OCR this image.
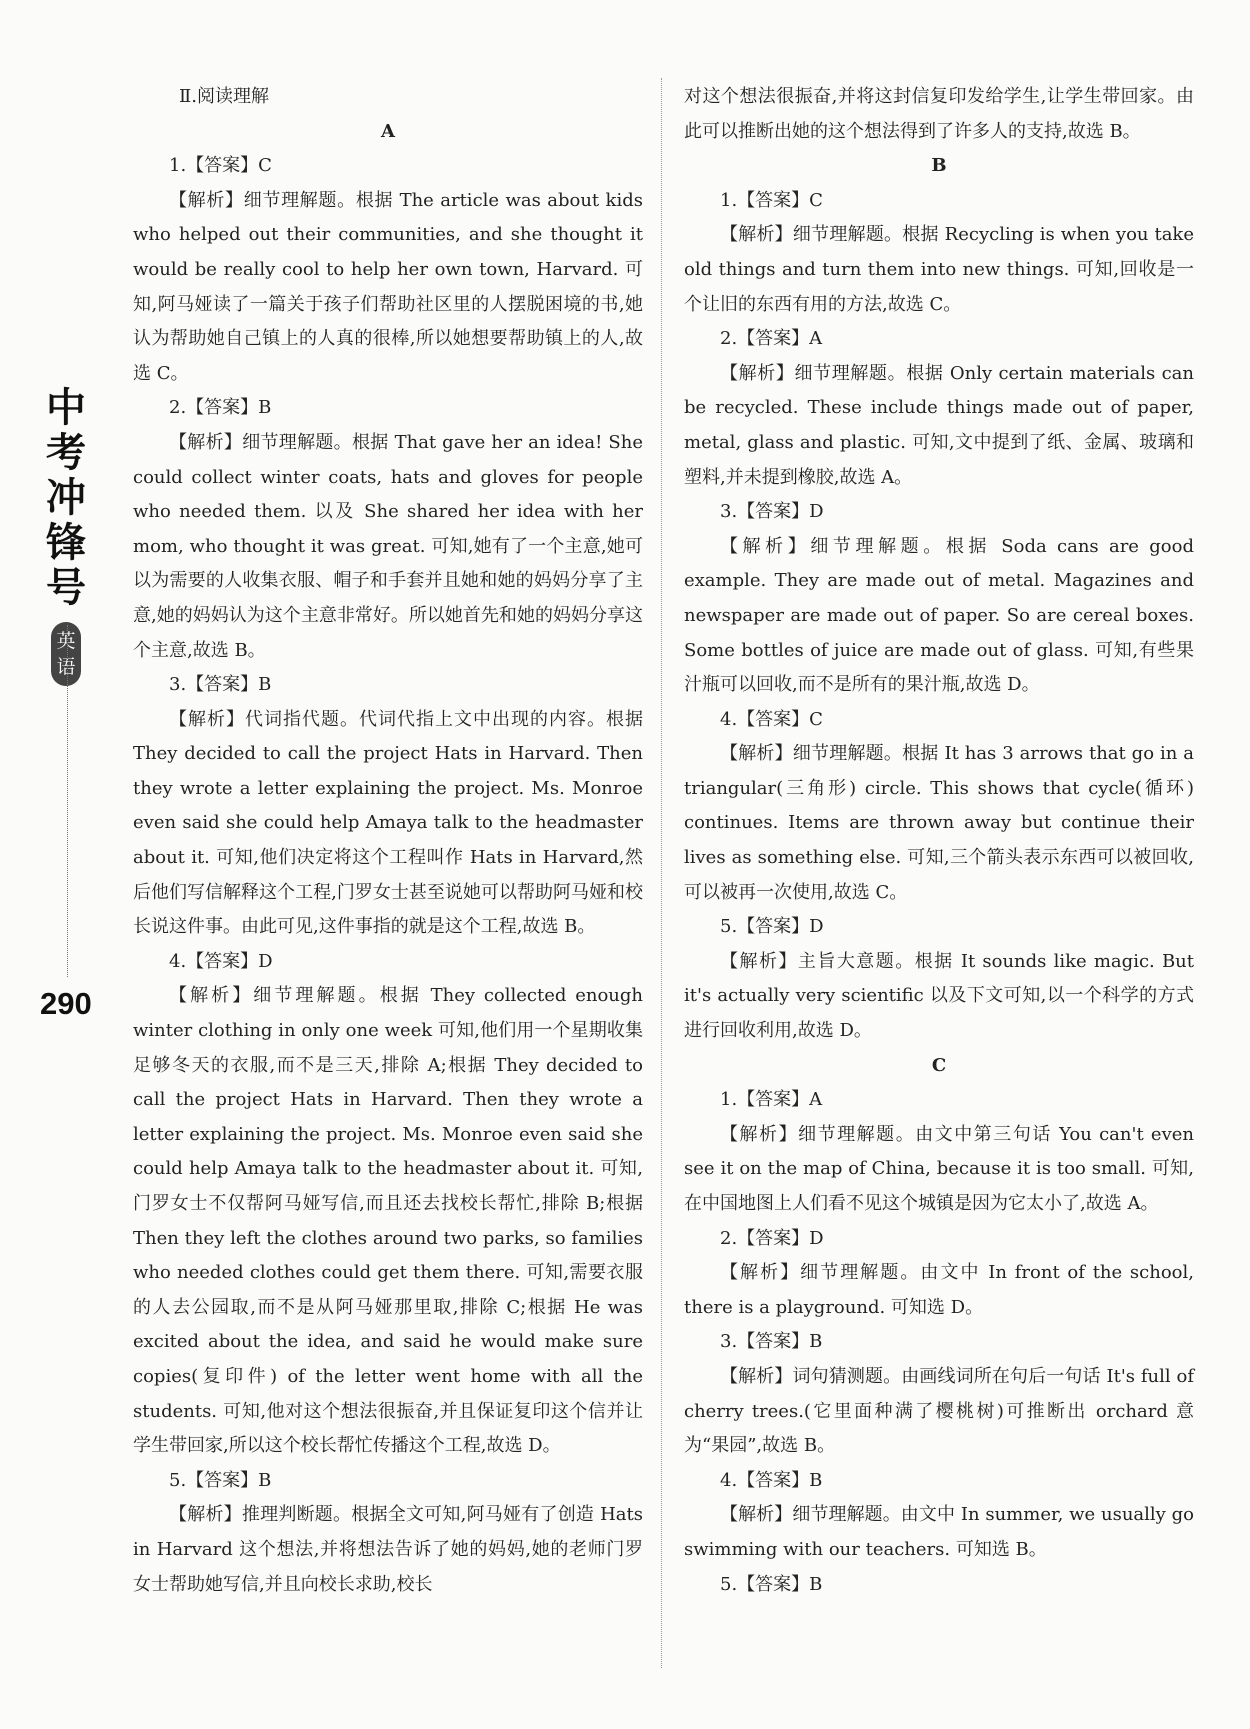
中
考
冲
锋
号
英
语
290

Ⅱ.阅读理解

A

1.【答案】C

【解析】细节理解题。根据 The article was about kids who helped out their communities, and she thought it would be really cool to help her own town, Harvard. 可知,阿马娅读了一篇关于孩子们帮助社区里的人摆脱困境的书,她认为帮助她自己镇上的人真的很棒,所以她想要帮助镇上的人,故选 C。

2.【答案】B

【解析】细节理解题。根据 That gave her an idea! She could collect winter coats, hats and gloves for people who needed them. 以及 She shared her idea with her mom, who thought it was great. 可知,她有了一个主意,她可以为需要的人收集衣服、帽子和手套并且她和她的妈妈分享了主意,她的妈妈认为这个主意非常好。所以她首先和她的妈妈分享这个主意,故选 B。

3.【答案】B

【解析】代词指代题。代词代指上文中出现的内容。根据 They decided to call the project Hats in Harvard. Then they wrote a letter explaining the project. Ms. Monroe even said she could help Amaya talk to the headmaster about it. 可知,他们决定将这个工程叫作 Hats in Harvard,然后他们写信解释这个工程,门罗女士甚至说她可以帮助阿马娅和校长说这件事。由此可见,这件事指的就是这个工程,故选 B。

4.【答案】D

【解析】细节理解题。根据 They collected enough winter clothing in only one week 可知,他们用一个星期收集足够冬天的衣服,而不是三天,排除 A;根据 They decided to call the project Hats in Harvard. Then they wrote a letter explaining the project. Ms. Monroe even said she could help Amaya talk to the headmaster about it. 可知,门罗女士不仅帮阿马娅写信,而且还去找校长帮忙,排除 B;根据 Then they left the clothes around two parks, so families who needed clothes could get them there. 可知,需要衣服的人去公园取,而不是从阿马娅那里取,排除 C;根据 He was excited about the idea, and said he would make sure copies(复印件) of the letter went home with all the students. 可知,他对这个想法很振奋,并且保证复印这个信并让学生带回家,所以这个校长帮忙传播这个工程,故选 D。

5.【答案】B

【解析】推理判断题。根据全文可知,阿马娅有了创造 Hats in Harvard 这个想法,并将想法告诉了她的妈妈,她的老师门罗女士帮助她写信,并且向校长求助,校长

对这个想法很振奋,并将这封信复印发给学生,让学生带回家。由此可以推断出她的这个想法得到了许多人的支持,故选 B。

B

1.【答案】C

【解析】细节理解题。根据 Recycling is when you take old things and turn them into new things. 可知,回收是一个让旧的东西有用的方法,故选 C。

2.【答案】A

【解析】细节理解题。根据 Only certain materials can be recycled. These include things made out of paper, metal, glass and plastic. 可知,文中提到了纸、金属、玻璃和塑料,并未提到橡胶,故选 A。

3.【答案】D

【解析】细节理解题。根据 Soda cans are good example. They are made out of metal. Magazines and newspaper are made out of paper. So are cereal boxes. Some bottles of juice are made out of glass. 可知,有些果汁瓶可以回收,而不是所有的果汁瓶,故选 D。

4.【答案】C

【解析】细节理解题。根据 It has 3 arrows that go in a triangular(三角形) circle. This shows that cycle(循环) continues. Items are thrown away but continue their lives as something else. 可知,三个箭头表示东西可以被回收,可以被再一次使用,故选 C。

5.【答案】D

【解析】主旨大意题。根据 It sounds like magic. But it's actually very scientific 以及下文可知,以一个科学的方式进行回收利用,故选 D。

C

1.【答案】A

【解析】细节理解题。由文中第三句话 You can't even see it on the map of China, because it is too small. 可知,在中国地图上人们看不见这个城镇是因为它太小了,故选 A。

2.【答案】D

【解析】细节理解题。由文中 In front of the school, there is a playground. 可知选 D。

3.【答案】B

【解析】词句猜测题。由画线词所在句后一句话 It's full of cherry trees.(它里面种满了樱桃树)可推断出 orchard 意为“果园”,故选 B。

4.【答案】B

【解析】细节理解题。由文中 In summer, we usually go swimming with our teachers. 可知选 B。

5.【答案】B
